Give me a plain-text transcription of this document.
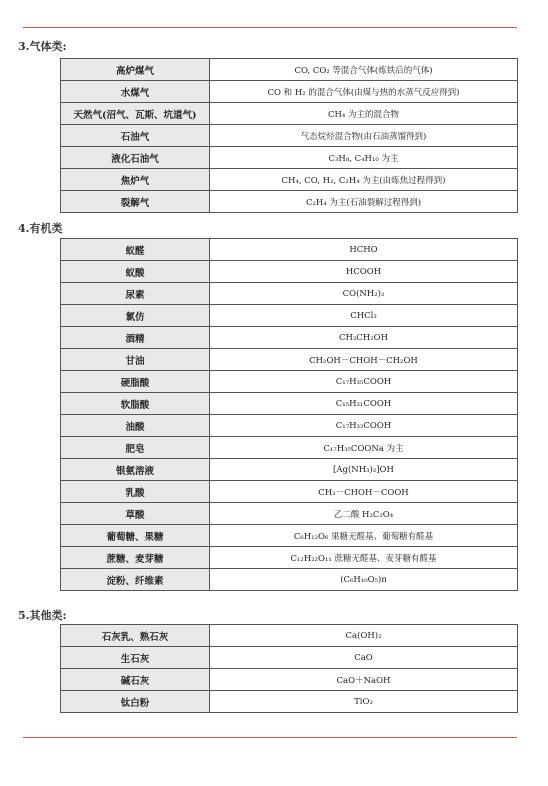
3.气体类:
高炉煤气	CO, CO₂ 等混合气体(炼铁后的气体)
水煤气	CO 和 H₂ 的混合气体(由煤与热的水蒸气反应得到)
天然气(沼气、瓦斯、坑道气)	CH₄ 为主的混合物
石油气	气态烷烃混合物(由石油蒸馏得到)
液化石油气	C₃H₈, C₄H₁₀ 为主
焦炉气	CH₄, CO, H₂, C₂H₄ 为主(由炼焦过程得到)
裂解气	C₂H₄ 为主(石油裂解过程得到)
4.有机类
蚁醛	HCHO
蚁酸	HCOOH
尿素	CO(NH₂)₂
氯仿	CHCl₃
酒精	CH₃CH₂OH
甘油	CH₂OH－CHOH－CH₂OH
硬脂酸	C₁₇H₃₅COOH
软脂酸	C₁₅H₃₁COOH
油酸	C₁₇H₃₃COOH
肥皂	C₁₇H₃₅COONa 为主
银氨溶液	[Ag(NH₃)₂]OH
乳酸	CH₃－CHOH－COOH
草酸	乙二酸 H₂C₂O₄
葡萄糖、果糖	C₆H₁₂O₆ 果糖无醛基、葡萄糖有醛基
蔗糖、麦芽糖	C₁₂H₂₂O₁₁ 蔗糖无醛基、麦芽糖有醛基
淀粉、纤维素	(C₆H₁₀O₅)n
5.其他类:
石灰乳、熟石灰	Ca(OH)₂
生石灰	CaO
碱石灰	CaO＋NaOH
钛白粉	TiO₂
